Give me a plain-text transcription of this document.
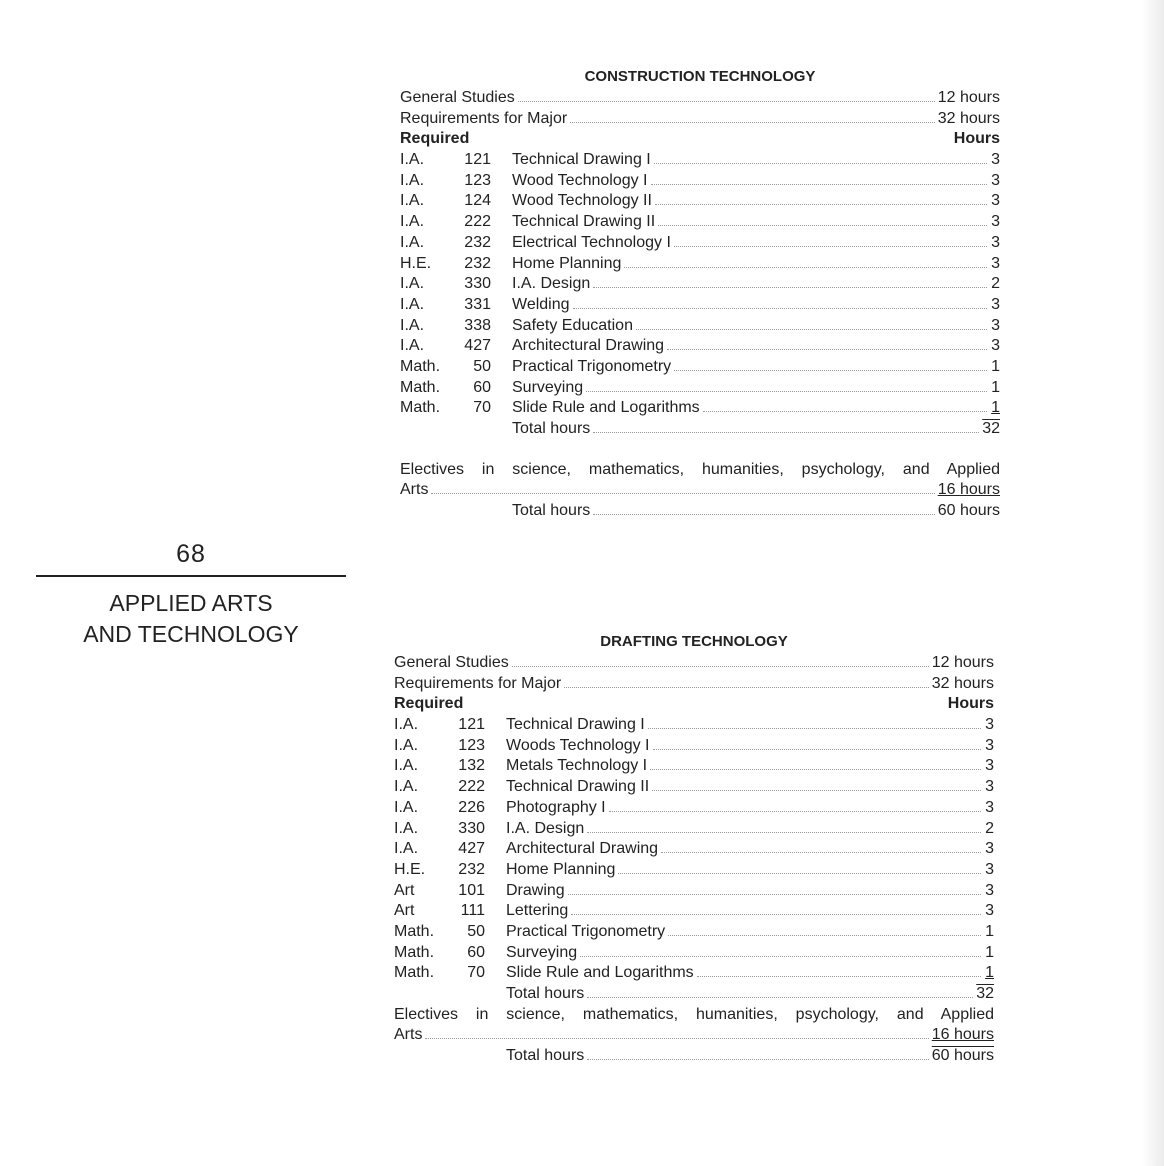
68
APPLIED ARTS
AND TECHNOLOGY
CONSTRUCTION TECHNOLOGY
General Studies	12 hours
Requirements for Major	32 hours
Required	Hours
I.A.	121 Technical Drawing I	3
I.A.	123 Wood Technology I	3
I.A.	124 Wood Technology II	3
I.A.	222 Technical Drawing II	3
I.A.	232 Electrical Technology I	3
H.E.	232 Home Planning	3
I.A.	330 I.A. Design	2
I.A.	331 Welding	3
I.A.	338 Safety Education	3
I.A.	427 Architectural Drawing	3
Math.	50 Practical Trigonometry	1
Math.	60 Surveying	1
Math.	70 Slide Rule and Logarithms	1
Total hours	32
Electives in science, mathematics, humanities, psychology, and Applied
Arts	16 hours
Total hours	60 hours
DRAFTING TECHNOLOGY
General Studies	12 hours
Requirements for Major	32 hours
Required	Hours
I.A.	121 Technical Drawing I	3
I.A.	123 Woods Technology I	3
I.A.	132 Metals Technology I	3
I.A.	222 Technical Drawing II	3
I.A.	226 Photography I	3
I.A.	330 I.A. Design	2
I.A.	427 Architectural Drawing	3
H.E.	232 Home Planning	3
Art	101 Drawing	3
Art	111 Lettering	3
Math.	50 Practical Trigonometry	1
Math.	60 Surveying	1
Math.	70 Slide Rule and Logarithms	1
Total hours	32
Electives in science, mathematics, humanities, psychology, and Applied
Arts	16 hours
Total hours	60 hours
